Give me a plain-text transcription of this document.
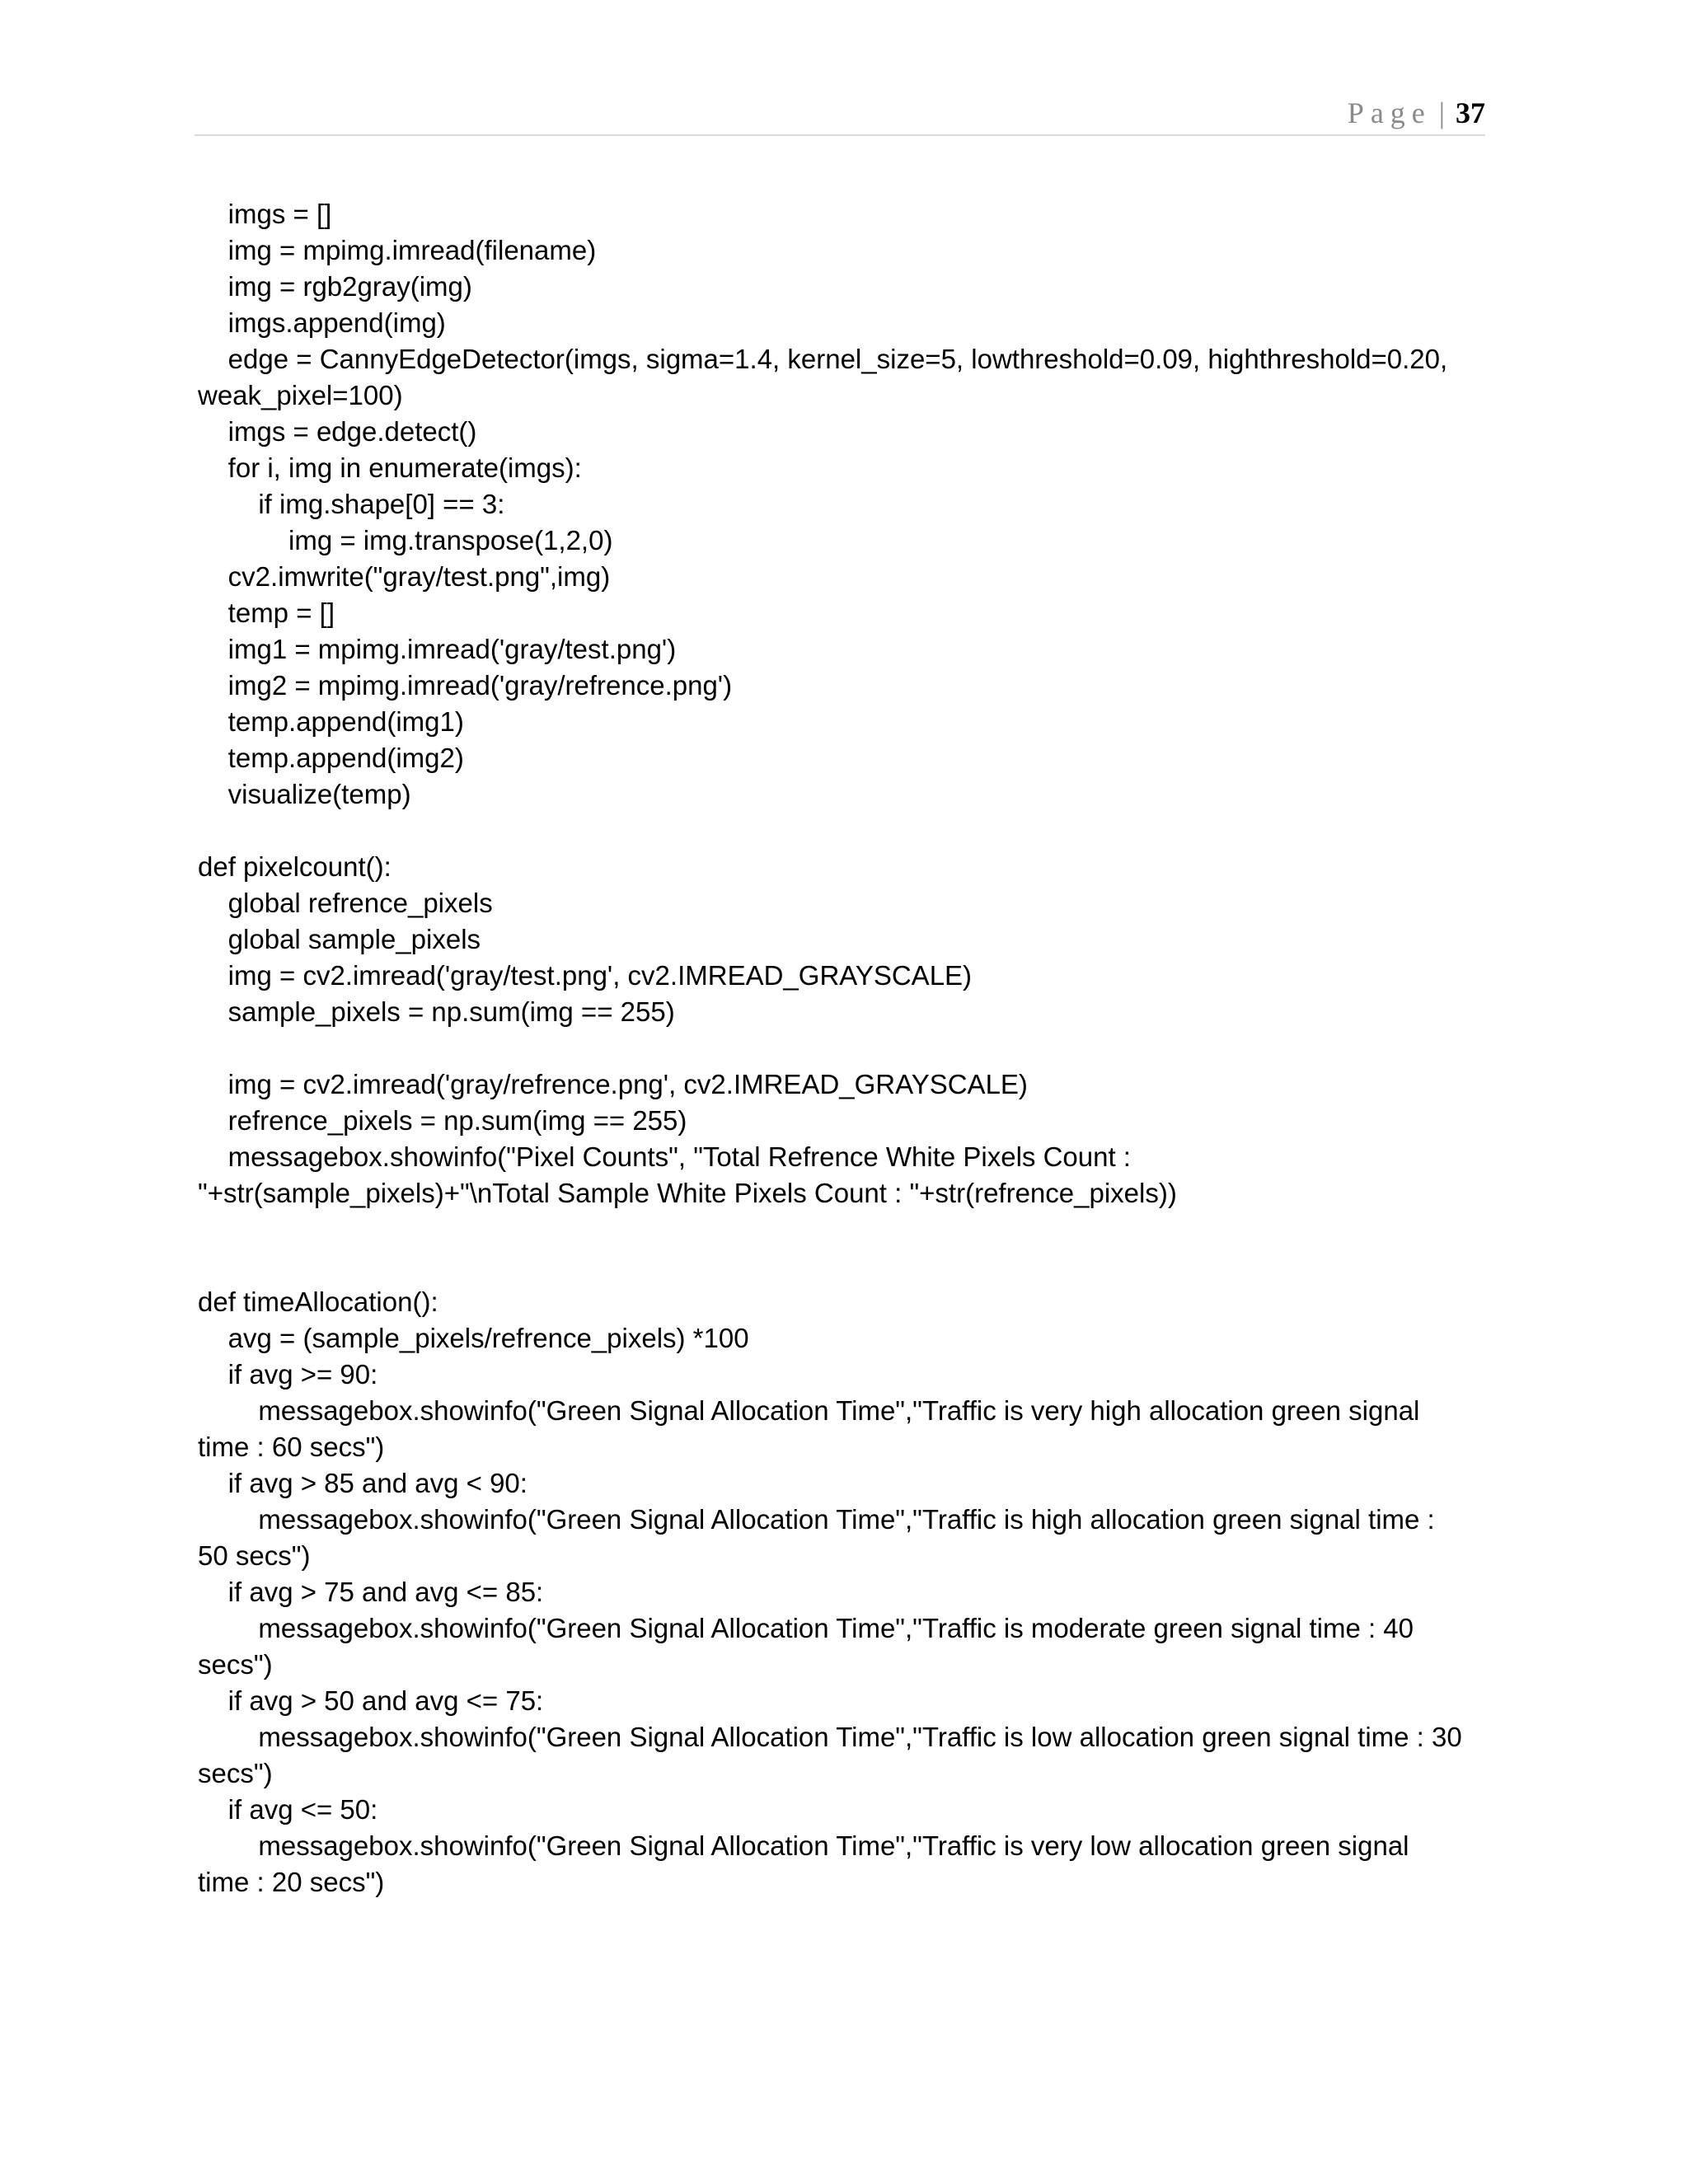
Page | 37
imgs = []
img = mpimg.imread(filename)
img = rgb2gray(img)
imgs.append(img)
edge = CannyEdgeDetector(imgs, sigma=1.4, kernel_size=5, lowthreshold=0.09, highthreshold=0.20,
weak_pixel=100)
imgs = edge.detect()
for i, img in enumerate(imgs):
if img.shape[0] == 3:
img = img.transpose(1,2,0)
cv2.imwrite("gray/test.png",img)
temp = []
img1 = mpimg.imread('gray/test.png')
img2 = mpimg.imread('gray/refrence.png')
temp.append(img1)
temp.append(img2)
visualize(temp)
def pixelcount():
global refrence_pixels
global sample_pixels
img = cv2.imread('gray/test.png', cv2.IMREAD_GRAYSCALE)
sample_pixels = np.sum(img == 255)
img = cv2.imread('gray/refrence.png', cv2.IMREAD_GRAYSCALE)
refrence_pixels = np.sum(img == 255)
messagebox.showinfo("Pixel Counts", "Total Refrence White Pixels Count :
"+str(sample_pixels)+"\nTotal Sample White Pixels Count : "+str(refrence_pixels))
def timeAllocation():
avg = (sample_pixels/refrence_pixels) *100
if avg >= 90:
messagebox.showinfo("Green Signal Allocation Time","Traffic is very high allocation green signal
time : 60 secs")
if avg > 85 and avg < 90:
messagebox.showinfo("Green Signal Allocation Time","Traffic is high allocation green signal time :
50 secs")
if avg > 75 and avg <= 85:
messagebox.showinfo("Green Signal Allocation Time","Traffic is moderate green signal time : 40
secs")
if avg > 50 and avg <= 75:
messagebox.showinfo("Green Signal Allocation Time","Traffic is low allocation green signal time : 30
secs")
if avg <= 50:
messagebox.showinfo("Green Signal Allocation Time","Traffic is very low allocation green signal
time : 20 secs")
